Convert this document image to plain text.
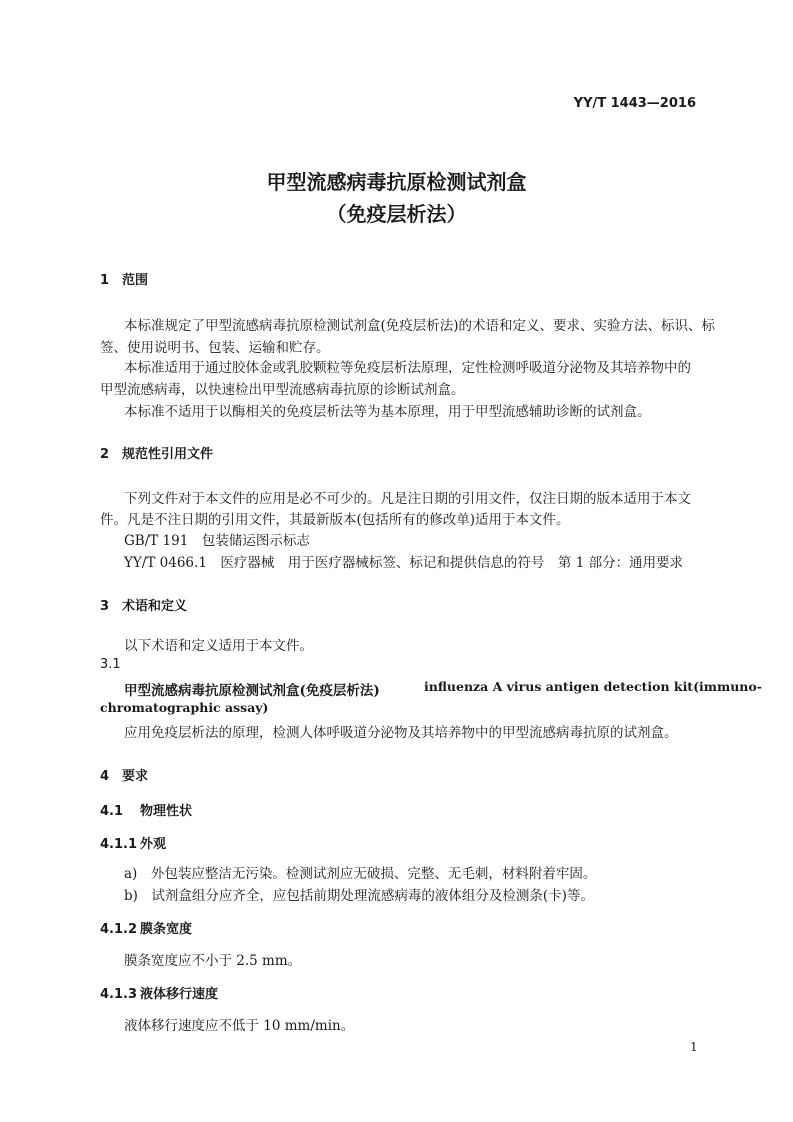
YY/T 1443—2016
甲型流感病毒抗原检测试剂盒
（免疫层析法）
1 范围
本标准规定了甲型流感病毒抗原检测试剂盒(免疫层析法)的术语和定义、要求、实验方法、标识、标
签、使用说明书、包装、运输和贮存。
本标准适用于通过胶体金或乳胶颗粒等免疫层析法原理，定性检测呼吸道分泌物及其培养物中的
甲型流感病毒，以快速检出甲型流感病毒抗原的诊断试剂盒。
本标准不适用于以酶相关的免疫层析法等为基本原理，用于甲型流感辅助诊断的试剂盒。
2 规范性引用文件
下列文件对于本文件的应用是必不可少的。凡是注日期的引用文件，仅注日期的版本适用于本文
件。凡是不注日期的引用文件，其最新版本(包括所有的修改单)适用于本文件。
GB/T 191　包装储运图示标志
YY/T 0466.1　医疗器械　用于医疗器械标签、标记和提供信息的符号　第 1 部分：通用要求
3 术语和定义
以下术语和定义适用于本文件。
3.1
甲型流感病毒抗原检测试剂盒(免疫层析法)	influenza A virus antigen detection kit(immuno-
chromatographic assay)
应用免疫层析法的原理，检测人体呼吸道分泌物及其培养物中的甲型流感病毒抗原的试剂盒。
4 要求
4.1 物理性状
4.1.1 外观
a)　外包装应整洁无污染。检测试剂应无破损、完整、无毛刺，材料附着牢固。
b)　试剂盒组分应齐全，应包括前期处理流感病毒的液体组分及检测条(卡)等。
4.1.2 膜条宽度
膜条宽度应不小于 2.5 mm。
4.1.3 液体移行速度
液体移行速度应不低于 10 mm/min。
1
